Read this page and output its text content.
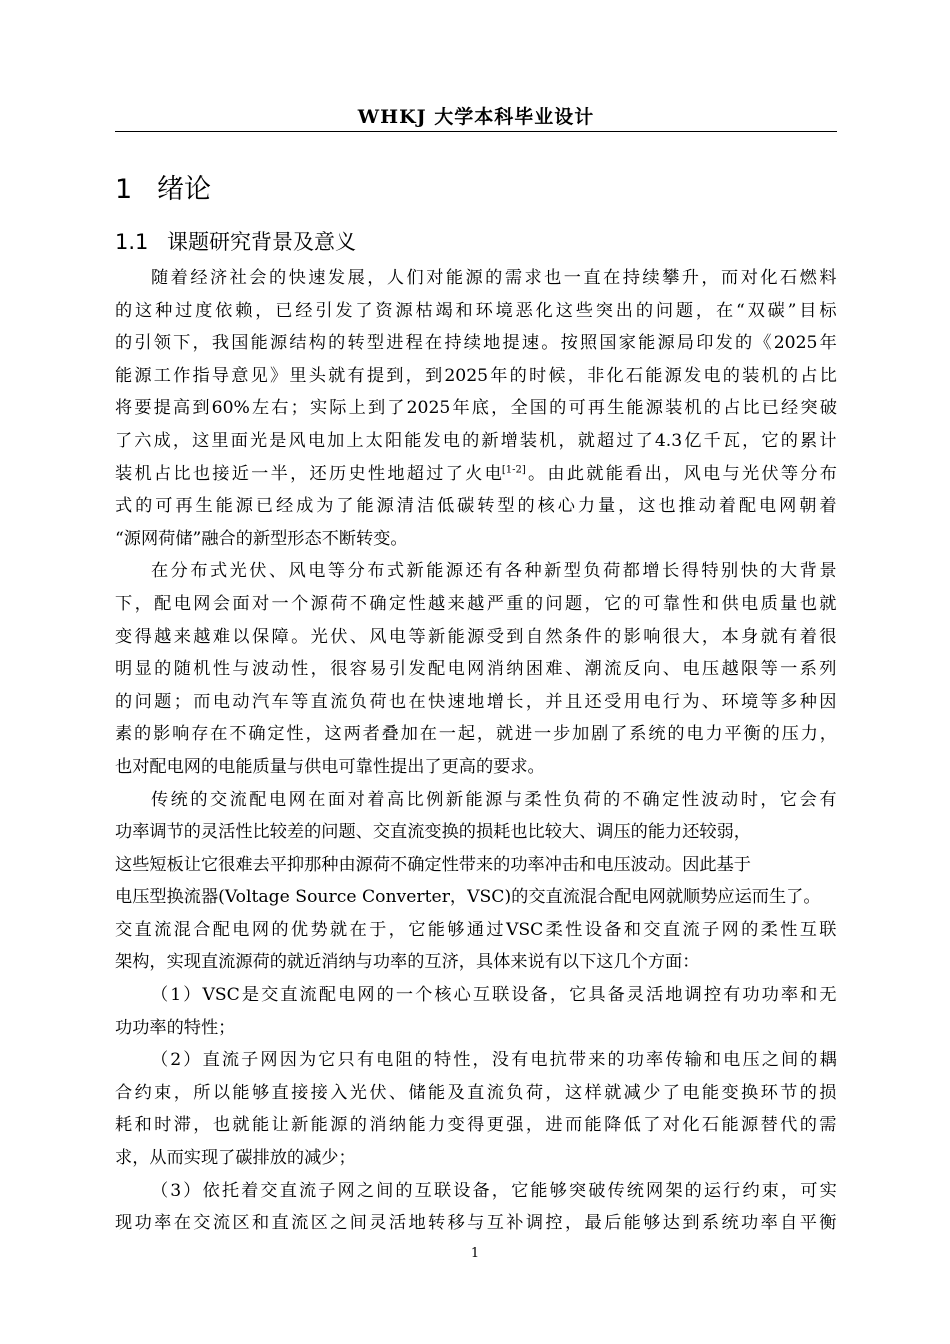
WHKJ 大学本科毕业设计
1 绪论
1.1 课题研究背景及意义
随 着 经 济 社 会 的 快 速 发 展 ， 人 们 对 能 源 的 需 求 也 一 直 在 持 续 攀 升 ， 而 对 化 石 燃 料
的 这 种 过 度 依 赖 ， 已 经 引 发 了 资 源 枯 竭 和 环 境 恶 化 这 些 突 出 的 问 题 ， 在 “ 双 碳 ” 目 标
的 引 领 下 ， 我 国 能 源 结 构 的 转 型 进 程 在 持 续 地 提 速 。 按 照 国 家 能 源 局 印 发 的 《 2025 年
能 源 工 作 指 导 意 见 》 里 头 就 有 提 到 ， 到 2025 年 的 时 候 ， 非 化 石 能 源 发 电 的 装 机 的 占 比
将 要 提 高 到 60% 左 右 ； 实 际 上 到 了 2025 年 底 ， 全 国 的 可 再 生 能 源 装 机 的 占 比 已 经 突 破
了 六 成 ， 这 里 面 光 是 风 电 加 上 太 阳 能 发 电 的 新 增 装 机 ， 就 超 过 了 4.3 亿 千 瓦 ， 它 的 累 计
装 机 占 比 也 接 近 一 半 ， 还 历 史 性 地 超 过 了 火 电[1-2] 。 由 此 就 能 看 出 ， 风 电 与 光 伏 等 分 布
式 的 可 再 生 能 源 已 经 成 为 了 能 源 清 洁 低 碳 转 型 的 核 心 力 量 ， 这 也 推 动 着 配 电 网 朝 着
“源网荷储”融合的新型形态不断转变。
在 分 布 式 光 伏 、 风 电 等 分 布 式 新 能 源 还 有 各 种 新 型 负 荷 都 增 长 得 特 别 快 的 大 背 景
下 ， 配 电 网 会 面 对 一 个 源 荷 不 确 定 性 越 来 越 严 重 的 问 题 ， 它 的 可 靠 性 和 供 电 质 量 也 就
变 得 越 来 越 难 以 保 障 。 光 伏 、 风 电 等 新 能 源 受 到 自 然 条 件 的 影 响 很 大 ， 本 身 就 有 着 很
明 显 的 随 机 性 与 波 动 性 ， 很 容 易 引 发 配 电 网 消 纳 困 难 、 潮 流 反 向 、 电 压 越 限 等 一 系 列
的 问 题 ； 而 电 动 汽 车 等 直 流 负 荷 也 在 快 速 地 增 长 ， 并 且 还 受 用 电 行 为 、 环 境 等 多 种 因
素 的 影 响 存 在 不 确 定 性 ， 这 两 者 叠 加 在 一 起 ， 就 进 一 步 加 剧 了 系 统 的 电 力 平 衡 的 压 力 ，
也对配电网的电能质量与供电可靠性提出了更高的要求。
传 统 的 交 流 配 电 网 在 面 对 着 高 比 例 新 能 源 与 柔 性 负 荷 的 不 确 定 性 波 动 时 ， 它 会 有
功率调节的灵活性比较差的问题、交直流变换的损耗也比较大、调压的能力还较弱，
这些短板让它很难去平抑那种由源荷不确定性带来的功率冲击和电压波动。因此基于
电压型换流器(Voltage Source Converter，VSC)的交直流混合配电网就顺势应运而生了。
交 直 流 混 合 配 电 网 的 优 势 就 在 于 ， 它 能 够 通 过 VSC 柔 性 设 备 和 交 直 流 子 网 的 柔 性 互 联
架构，实现直流源荷的就近消纳与功率的互济，具体来说有以下这几个方面：
（ 1 ） VSC 是 交 直 流 配 电 网 的 一 个 核 心 互 联 设 备 ， 它 具 备 灵 活 地 调 控 有 功 功 率 和 无
功功率的特性；
（ 2 ） 直 流 子 网 因 为 它 只 有 电 阻 的 特 性 ， 没 有 电 抗 带 来 的 功 率 传 输 和 电 压 之 间 的 耦
合 约 束 ， 所 以 能 够 直 接 接 入 光 伏 、 储 能 及 直 流 负 荷 ， 这 样 就 减 少 了 电 能 变 换 环 节 的 损
耗 和 时 滞 ， 也 就 能 让 新 能 源 的 消 纳 能 力 变 得 更 强 ， 进 而 能 降 低 了 对 化 石 能 源 替 代 的 需
求，从而实现了碳排放的减少；
（ 3 ） 依 托 着 交 直 流 子 网 之 间 的 互 联 设 备 ， 它 能 够 突 破 传 统 网 架 的 运 行 约 束 ， 可 实
现 功 率 在 交 流 区 和 直 流 区 之 间 灵 活 地 转 移 与 互 补 调 控 ， 最 后 能 够 达 到 系 统 功 率 自 平 衡
1
